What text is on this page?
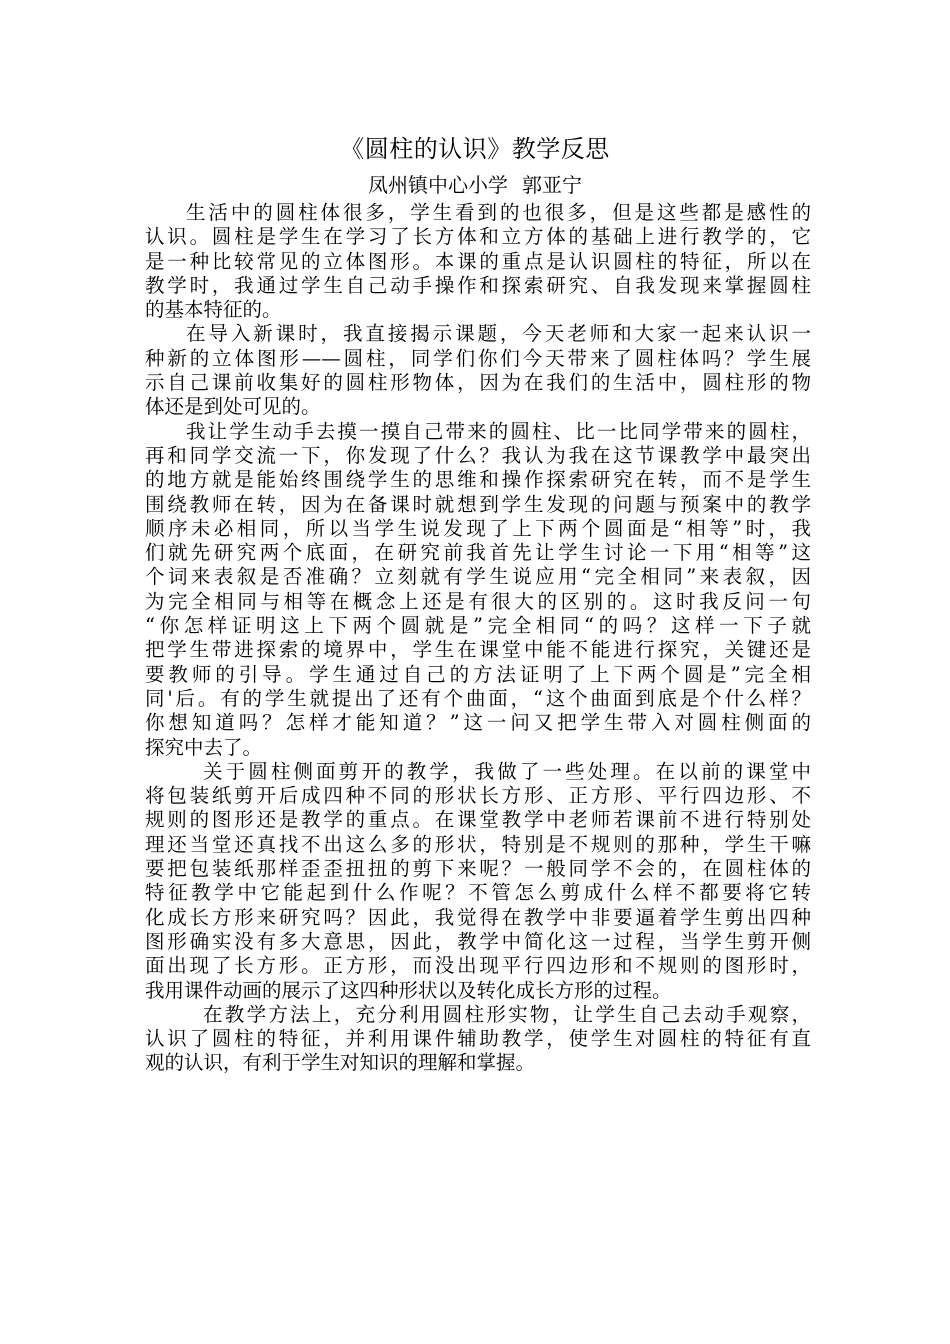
《圆柱的认识》教学反思
凤州镇中心小学 郭亚宁
生活中的圆柱体很多，学生看到的也很多，但是这些都是感性的
认识。圆柱是学生在学习了长方体和立方体的基础上进行教学的，它
是一种比较常见的立体图形。本课的重点是认识圆柱的特征，所以在
教学时，我通过学生自己动手操作和探索研究、自我发现来掌握圆柱
的基本特征的。
在导入新课时，我直接揭示课题，今天老师和大家一起来认识一
种新的立体图形——圆柱，同学们你们今天带来了圆柱体吗？学生展
示自己课前收集好的圆柱形物体，因为在我们的生活中，圆柱形的物
体还是到处可见的。
我让学生动手去摸一摸自己带来的圆柱、比一比同学带来的圆柱，
再和同学交流一下，你发现了什么？我认为我在这节课教学中最突出
的地方就是能始终围绕学生的思维和操作探索研究在转，而不是学生
围绕教师在转，因为在备课时就想到学生发现的问题与预案中的教学
顺序未必相同，所以当学生说发现了上下两个圆面是“相等”时，我
们就先研究两个底面，在研究前我首先让学生讨论一下用“相等”这
个词来表叙是否准确？立刻就有学生说应用“完全相同”来表叙，因
为完全相同与相等在概念上还是有很大的区别的。这时我反问一句
“你怎样证明这上下两个圆就是”完全相同“的吗？这样一下子就
把学生带进探索的境界中，学生在课堂中能不能进行探究，关键还是
要教师的引导。学生通过自己的方法证明了上下两个圆是”完全相
同'后。有的学生就提出了还有个曲面，“这个曲面到底是个什么样？
你想知道吗？怎样才能知道？”这一问又把学生带入对圆柱侧面的
探究中去了。
关于圆柱侧面剪开的教学，我做了一些处理。在以前的课堂中
将包装纸剪开后成四种不同的形状长方形、正方形、平行四边形、不
规则的图形还是教学的重点。在课堂教学中老师若课前不进行特别处
理还当堂还真找不出这么多的形状，特别是不规则的那种，学生干嘛
要把包装纸那样歪歪扭扭的剪下来呢？一般同学不会的，在圆柱体的
特征教学中它能起到什么作呢？不管怎么剪成什么样不都要将它转
化成长方形来研究吗？因此，我觉得在教学中非要逼着学生剪出四种
图形确实没有多大意思，因此，教学中简化这一过程，当学生剪开侧
面出现了长方形。正方形，而没出现平行四边形和不规则的图形时，
我用课件动画的展示了这四种形状以及转化成长方形的过程。
在教学方法上，充分利用圆柱形实物，让学生自己去动手观察，
认识了圆柱的特征，并利用课件辅助教学，使学生对圆柱的特征有直
观的认识，有利于学生对知识的理解和掌握。
